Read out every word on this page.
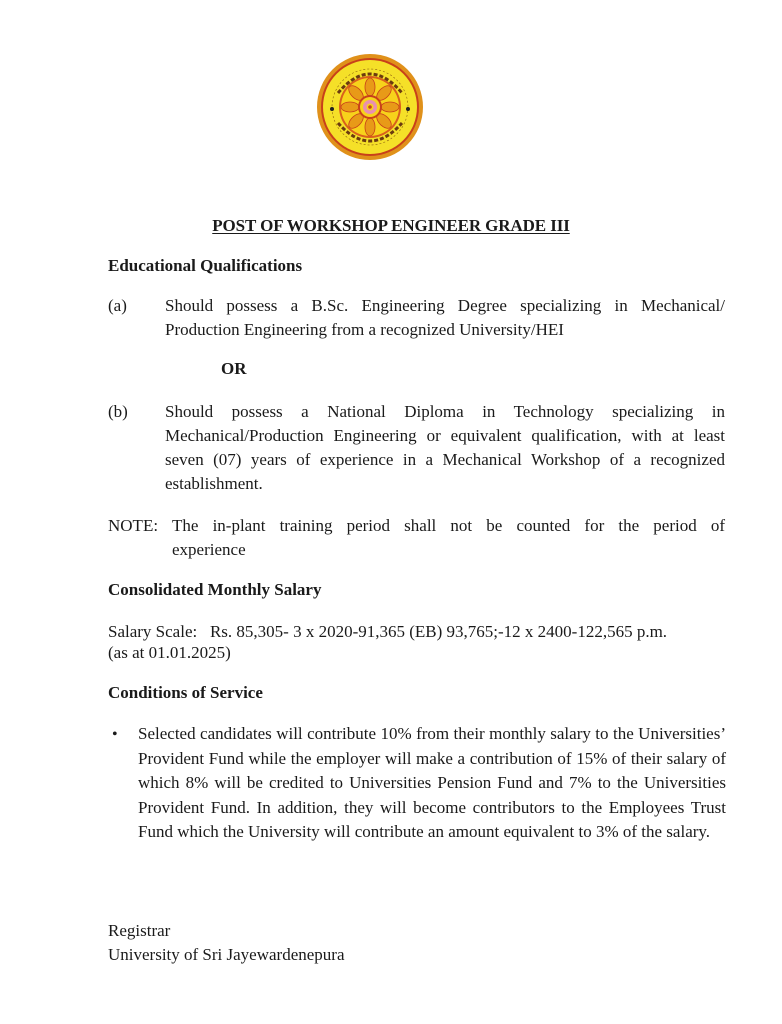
POST OF WORKSHOP ENGINEER GRADE III
Educational Qualifications
(a) Should possess a B.Sc. Engineering Degree specializing in Mechanical/
Production Engineering from a recognized University/HEI
OR
(b) Should possess a National Diploma in Technology specializing in Mechanical/Production Engineering or equivalent qualification, with at least seven (07) years of experience in a Mechanical Workshop of a recognized establishment.
NOTE: The in-plant training period shall not be counted for the period of
experience
Consolidated Monthly Salary
Salary Scale:   Rs. 85,305- 3 x 2020-91,365 (EB) 93,765;-12 x 2400-122,565 p.m.
(as at 01.01.2025)
Conditions of Service
• Selected candidates will contribute 10% from their monthly salary to the Universities’ Provident Fund while the employer will make a contribution of 15% of their salary of which 8% will be credited to Universities Pension Fund and 7% to the Universities Provident Fund. In addition, they will become contributors to the Employees Trust Fund which the University will contribute an amount equivalent to 3% of the salary.
Registrar
University of Sri Jayewardenepura
